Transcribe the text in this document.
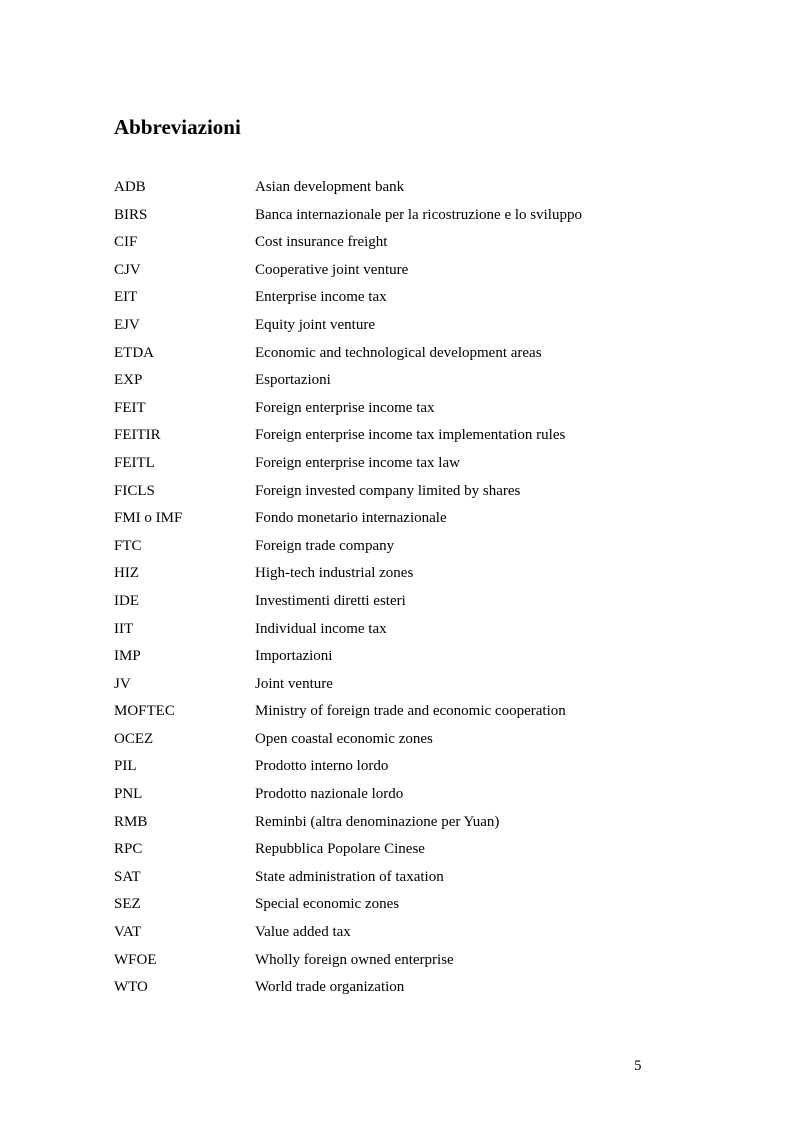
Abbreviazioni
ADB	Asian development bank
BIRS	Banca internazionale per la ricostruzione e lo sviluppo
CIF	Cost insurance freight
CJV	Cooperative joint venture
EIT	Enterprise income tax
EJV	Equity joint venture
ETDA	Economic and technological development areas
EXP	Esportazioni
FEIT	Foreign enterprise income tax
FEITIR	Foreign enterprise income tax implementation rules
FEITL	Foreign enterprise income tax law
FICLS	Foreign invested company limited by shares
FMI o IMF	Fondo monetario internazionale
FTC	Foreign trade company
HIZ	High-tech industrial zones
IDE	Investimenti diretti esteri
IIT	Individual income tax
IMP	Importazioni
JV	Joint venture
MOFTEC	Ministry of foreign trade and economic cooperation
OCEZ	Open coastal economic zones
PIL	Prodotto interno lordo
PNL	Prodotto nazionale lordo
RMB	Reminbi (altra denominazione per Yuan)
RPC	Repubblica Popolare Cinese
SAT	State administration of taxation
SEZ	Special economic zones
VAT	Value added tax
WFOE	Wholly foreign owned enterprise
WTO	World trade organization
5
